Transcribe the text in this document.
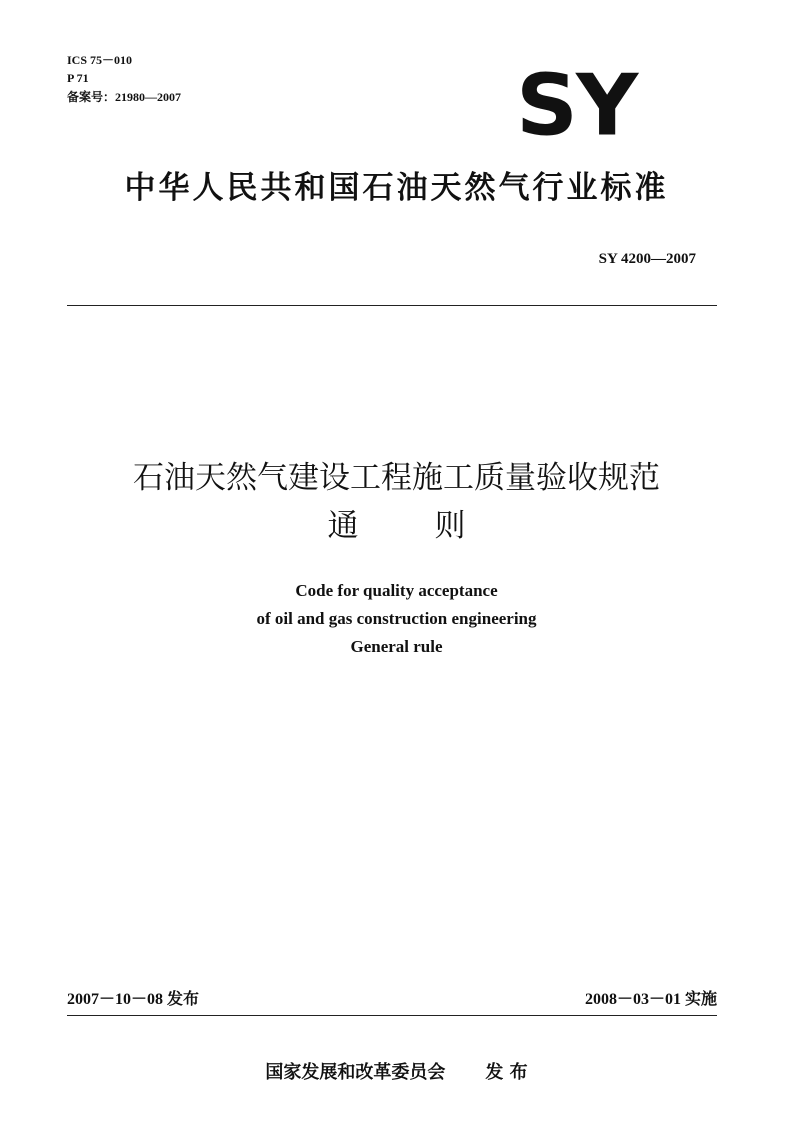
ICS 75－010
P 71
备案号：21980—2007	SY
中华人民共和国石油天然气行业标准
SY 4200—2007
石油天然气建设工程施工质量验收规范
通 则
Code for quality acceptance
of oil and gas construction engineering
General rule
2007－10－08 发布	2008－03－01 实施
国家发展和改革委员会 发 布
